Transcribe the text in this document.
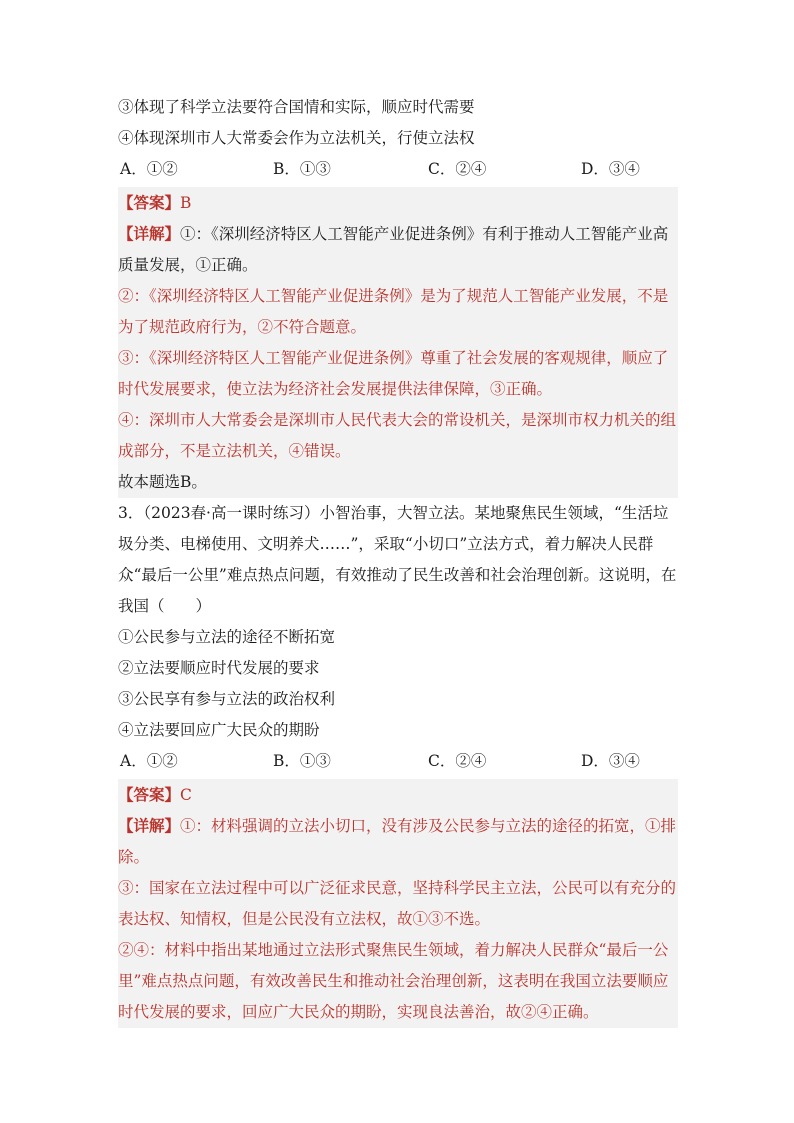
③体现了科学立法要符合国情和实际，顺应时代需要
④体现深圳市人大常委会作为立法机关，行使立法权
A．①②	B．①③	C．②④	D．③④
【答案】B

【详解】①：《深圳经济特区人工智能产业促进条例》有利于推动人工智能产业高质量发展，①正确。

②：《深圳经济特区人工智能产业促进条例》是为了规范人工智能产业发展，不是为了规范政府行为，②不符合题意。

③：《深圳经济特区人工智能产业促进条例》尊重了社会发展的客观规律，顺应了时代发展要求，使立法为经济社会发展提供法律保障，③正确。

④：深圳市人大常委会是深圳市人民代表大会的常设机关，是深圳市权力机关的组成部分，不是立法机关，④错误。

故本题选B。

3．（2023春·高一课时练习）小智治事，大智立法。某地聚焦民生领域，“生活垃圾分类、电梯使用、文明养犬……”，采取“小切口”立法方式，着力解决人民群众“最后一公里”难点热点问题，有效推动了民生改善和社会治理创新。这说明，在我国（　　）

①公民参与立法的途径不断拓宽
②立法要顺应时代发展的要求
③公民享有参与立法的政治权利
④立法要回应广大民众的期盼
A．①②	B．①③	C．②④	D．③④
【答案】C

【详解】①：材料强调的立法小切口，没有涉及公民参与立法的途径的拓宽，①排除。

③：国家在立法过程中可以广泛征求民意，坚持科学民主立法，公民可以有充分的表达权、知情权，但是公民没有立法权，故①③不选。

②④：材料中指出某地通过立法形式聚焦民生领域，着力解决人民群众“最后一公里”难点热点问题，有效改善民生和推动社会治理创新，这表明在我国立法要顺应时代发展的要求，回应广大民众的期盼，实现良法善治，故②④正确。
